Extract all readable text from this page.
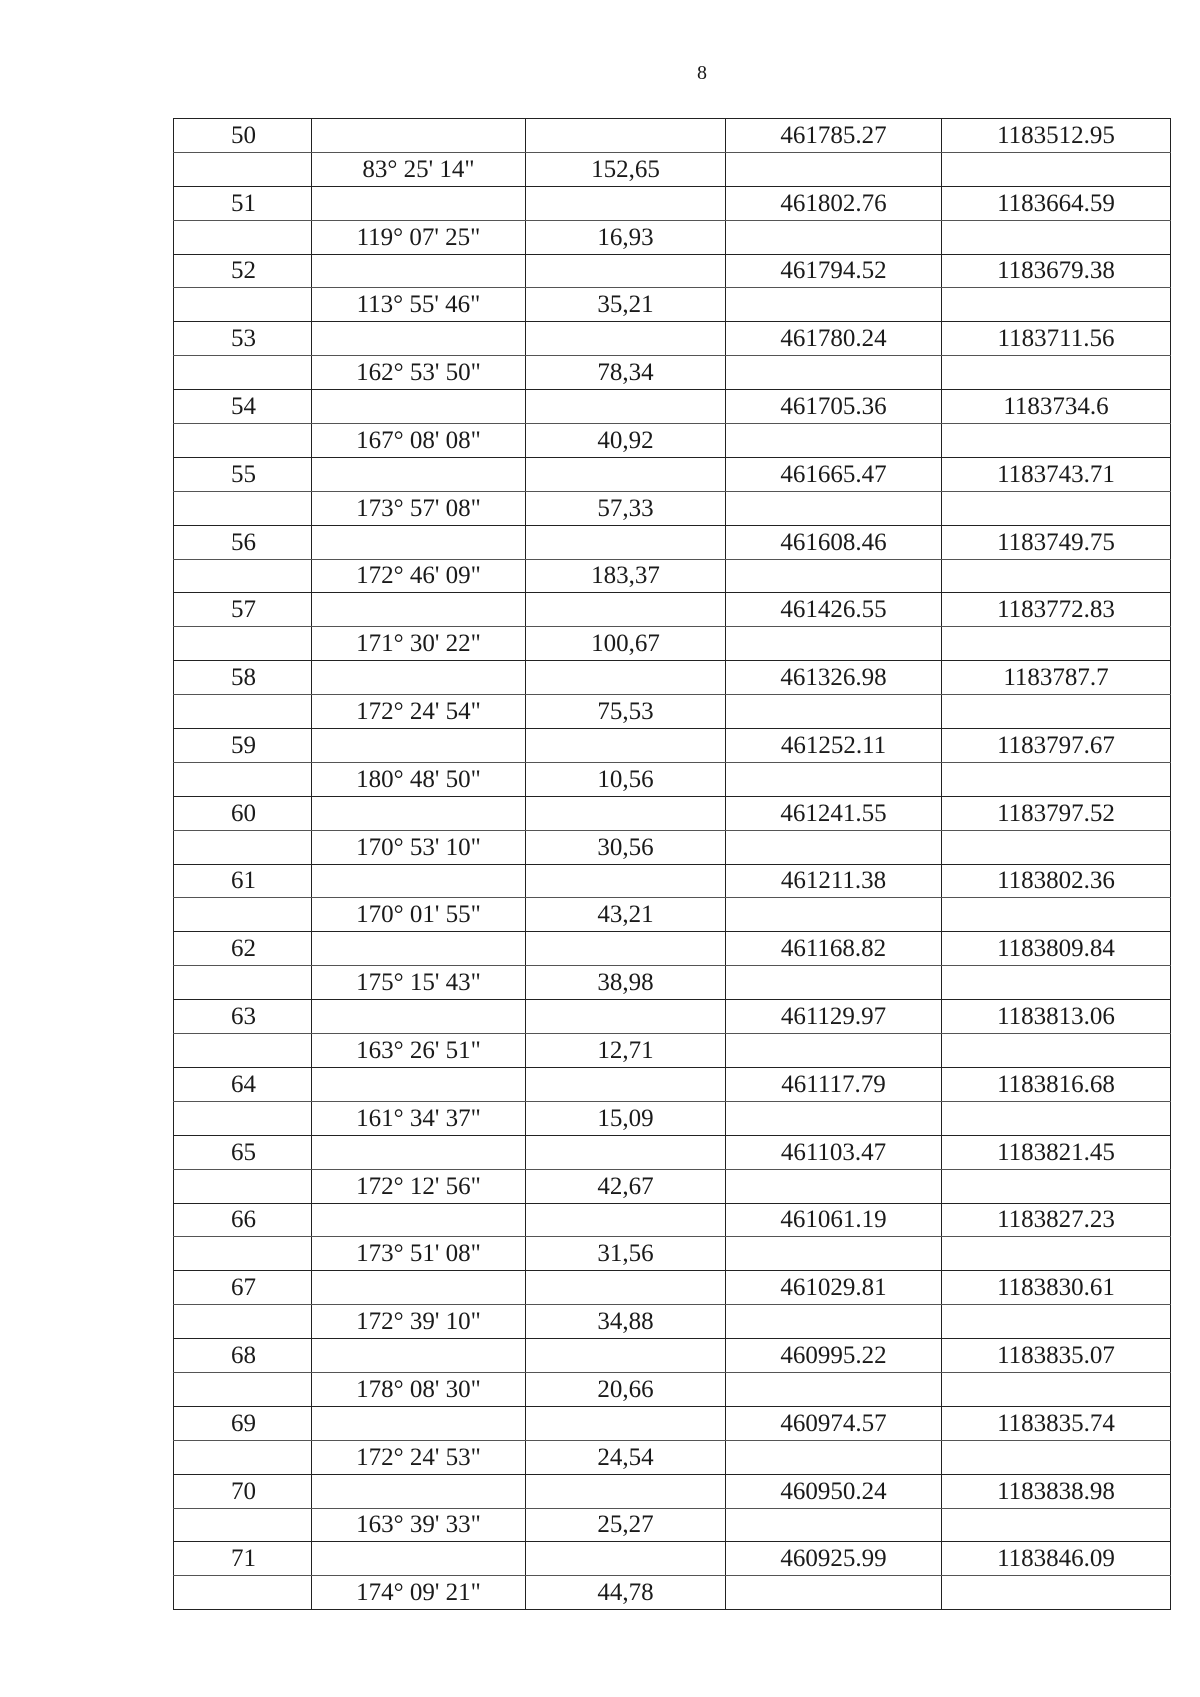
8
50			461785.27	1183512.95
	83° 25' 14"	152,65		
51			461802.76	1183664.59
	119° 07' 25"	16,93		
52			461794.52	1183679.38
	113° 55' 46"	35,21		
53			461780.24	1183711.56
	162° 53' 50"	78,34		
54			461705.36	1183734.6
	167° 08' 08"	40,92		
55			461665.47	1183743.71
	173° 57' 08"	57,33		
56			461608.46	1183749.75
	172° 46' 09"	183,37		
57			461426.55	1183772.83
	171° 30' 22"	100,67		
58			461326.98	1183787.7
	172° 24' 54"	75,53		
59			461252.11	1183797.67
	180° 48' 50"	10,56		
60			461241.55	1183797.52
	170° 53' 10"	30,56		
61			461211.38	1183802.36
	170° 01' 55"	43,21		
62			461168.82	1183809.84
	175° 15' 43"	38,98		
63			461129.97	1183813.06
	163° 26' 51"	12,71		
64			461117.79	1183816.68
	161° 34' 37"	15,09		
65			461103.47	1183821.45
	172° 12' 56"	42,67		
66			461061.19	1183827.23
	173° 51' 08"	31,56		
67			461029.81	1183830.61
	172° 39' 10"	34,88		
68			460995.22	1183835.07
	178° 08' 30"	20,66		
69			460974.57	1183835.74
	172° 24' 53"	24,54		
70			460950.24	1183838.98
	163° 39' 33"	25,27		
71			460925.99	1183846.09
	174° 09' 21"	44,78		
